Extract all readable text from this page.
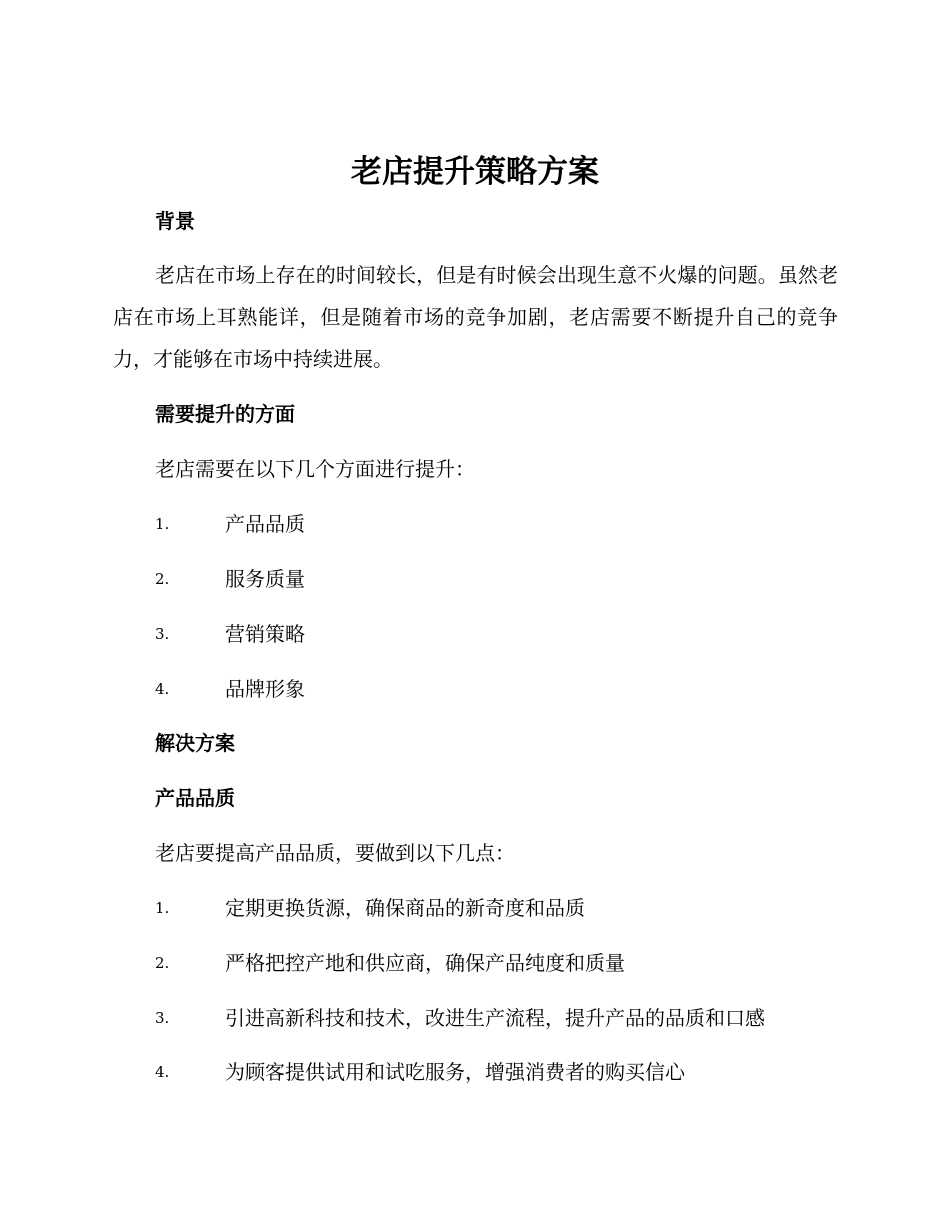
老店提升策略方案
背景

老店在市场上存在的时间较长，但是有时候会出现生意不火爆的问题。虽然老店在市场上耳熟能详，但是随着市场的竞争加剧，老店需要不断提升自己的竞争力，才能够在市场中持续进展。

需要提升的方面

老店需要在以下几个方面进行提升：

1.	产品品质
2.	服务质量
3.	营销策略
4.	品牌形象
解决方案
产品品质

老店要提高产品品质，要做到以下几点：

1.	定期更换货源，确保商品的新奇度和品质
2.	严格把控产地和供应商，确保产品纯度和质量
3.	引进高新科技和技术，改进生产流程，提升产品的品质和口感
4.	为顾客提供试用和试吃服务，增强消费者的购买信心
